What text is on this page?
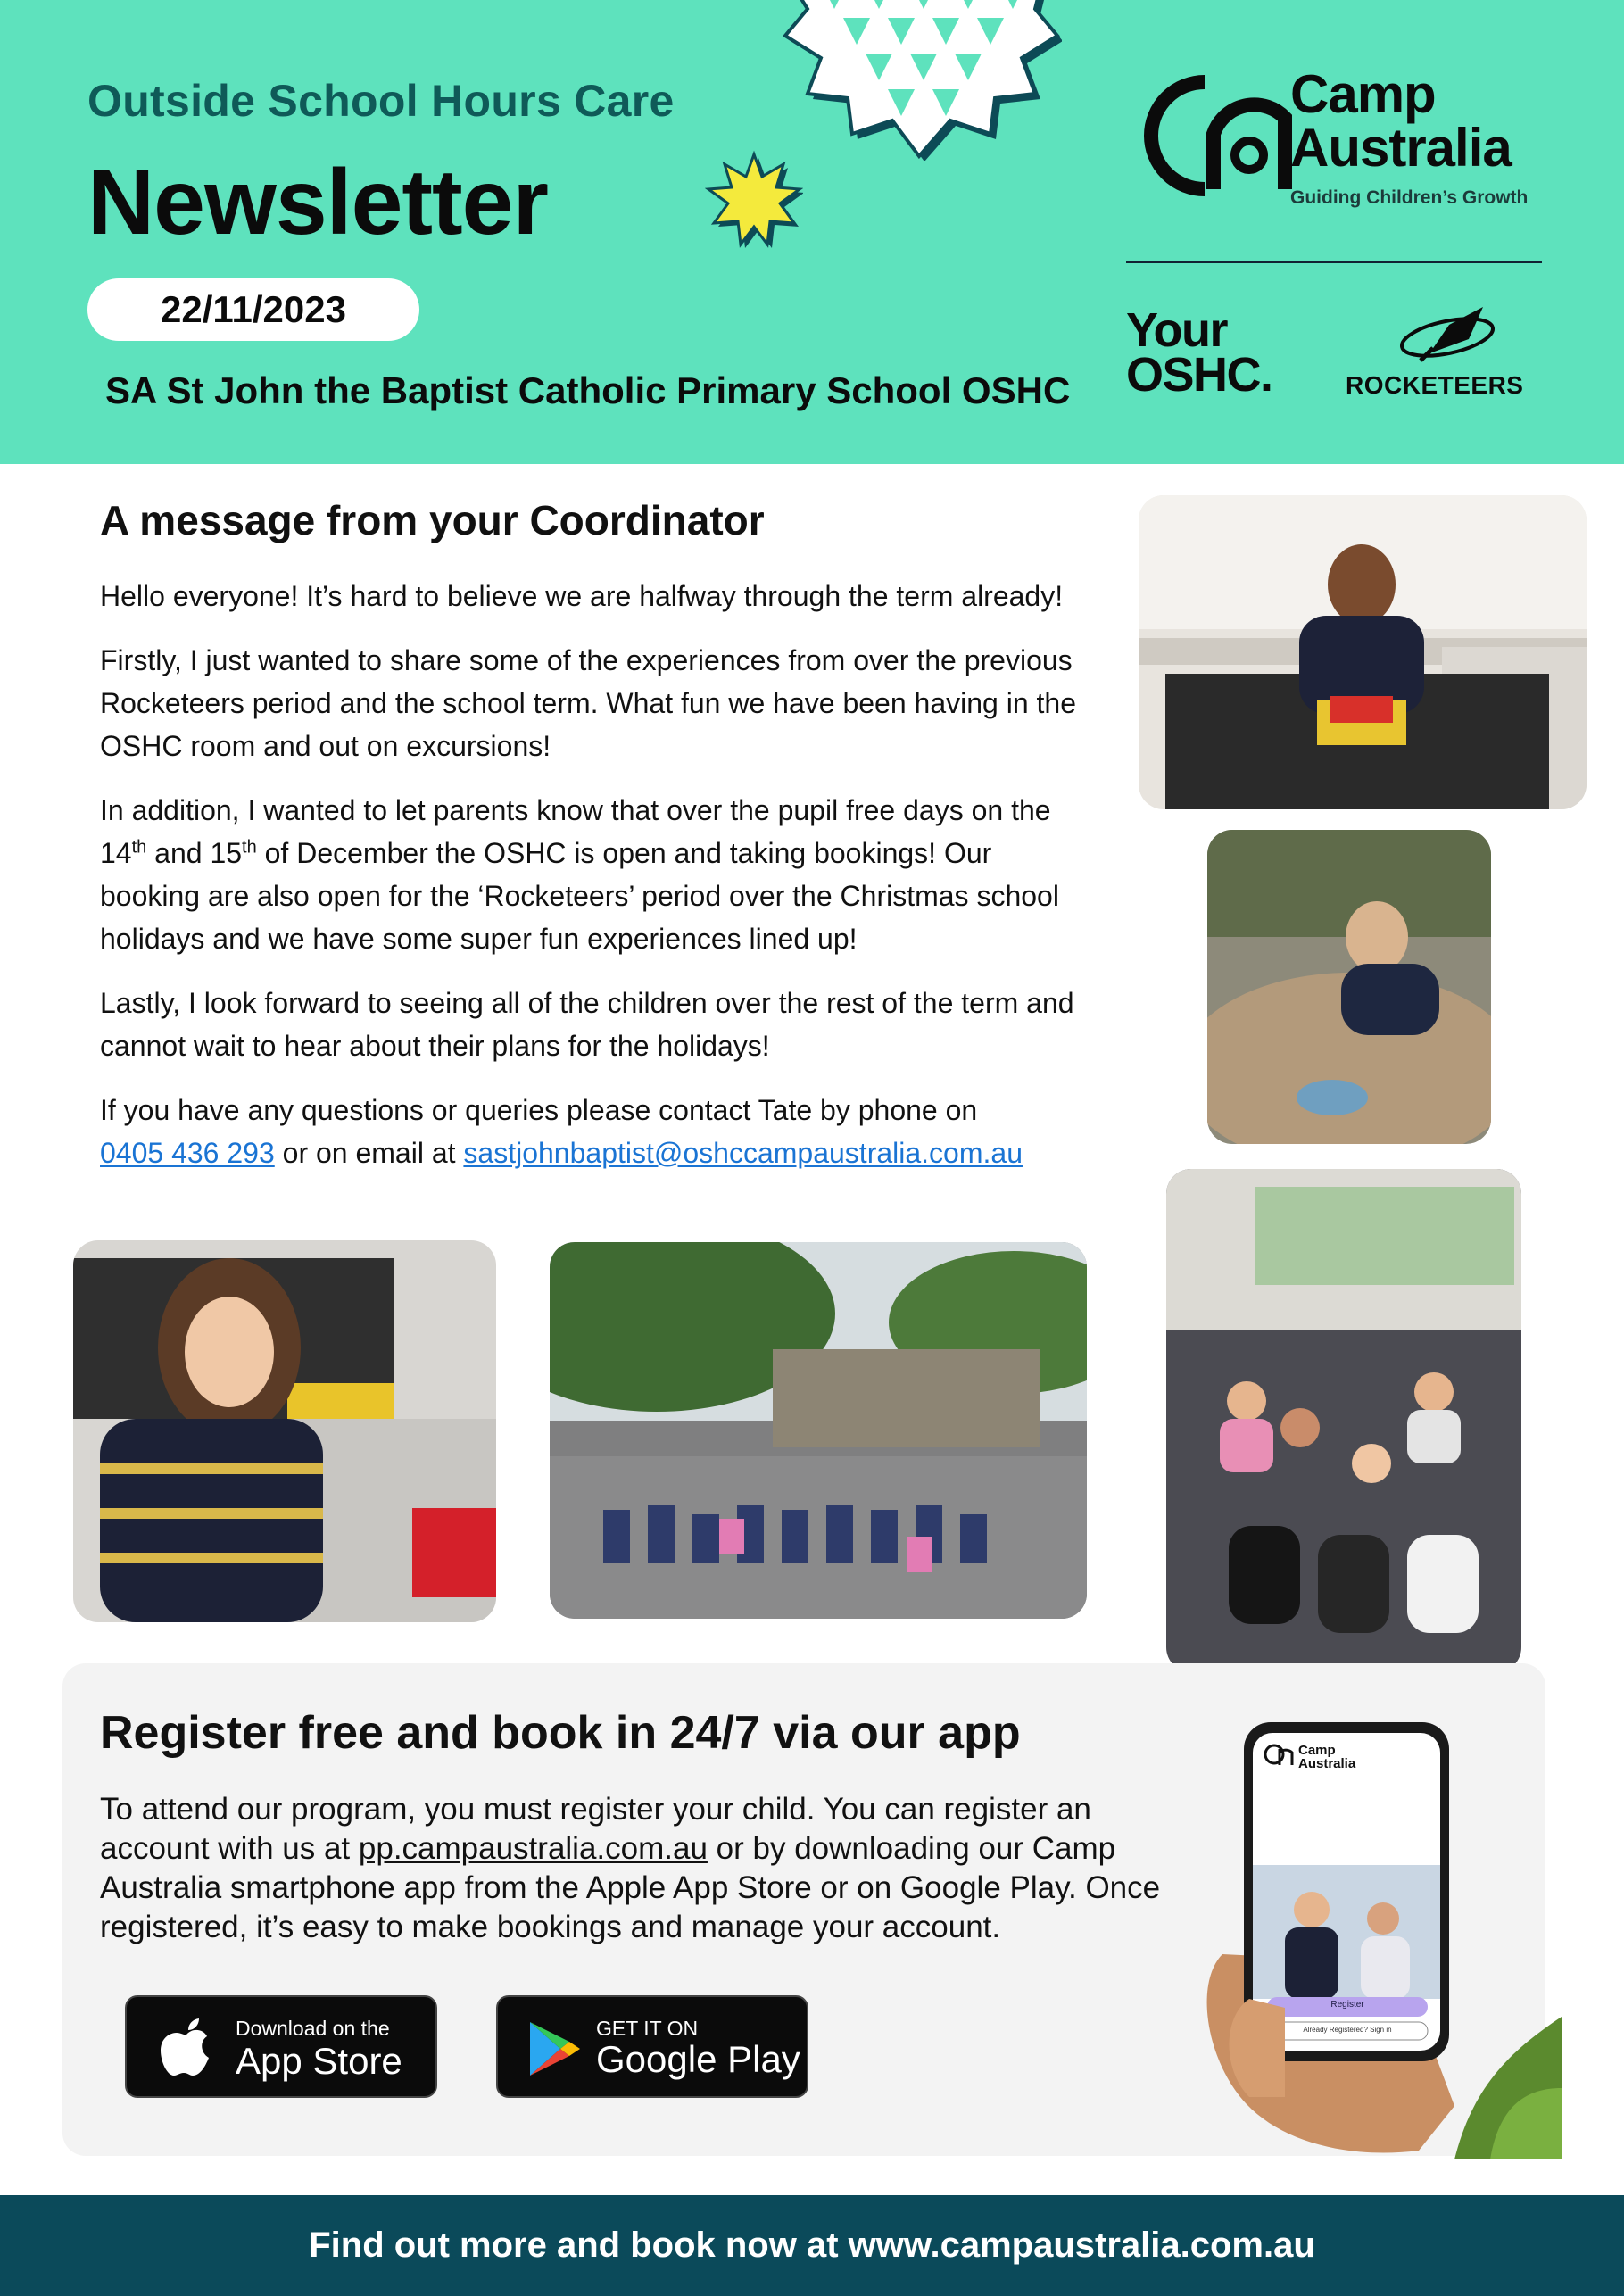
Outside School Hours Care
Newsletter
22/11/2023
SA St John the Baptist Catholic Primary School OSHC
Camp
Australia
Guiding Children’s Growth
Your
OSHC.	ROCKETEERS
A message from your Coordinator

Hello everyone! It’s hard to believe we are halfway through the term already!

Firstly, I just wanted to share some of the experiences from over the previous Rocketeers period and the school term. What fun we have been having in the OSHC room and out on excursions!

In addition, I wanted to let parents know that over the pupil free days on the 14th and 15th of December the OSHC is open and taking bookings! Our booking are also open for the ‘Rocketeers’ period over the Christmas school holidays and we have some super fun experiences lined up!

Lastly, I look forward to seeing all of the children over the rest of the term and cannot wait to hear about their plans for the holidays!

If you have any questions or queries please contact Tate by phone on
0405 436 293 or on email at sastjohnbaptist@oshccampaustralia.com.au

Register free and book in 24/7 via our app
To attend our program, you must register your child. You can register an account with us at pp.campaustralia.com.au or by downloading our Camp Australia smartphone app from the Apple App Store or on Google Play. Once registered, it’s easy to make bookings and manage your account.
Download on the
App Store
GET IT ON
Google Play
Camp
Australia
Register
Already Registered? Sign in
Find out more and book now at www.campaustralia.com.au
